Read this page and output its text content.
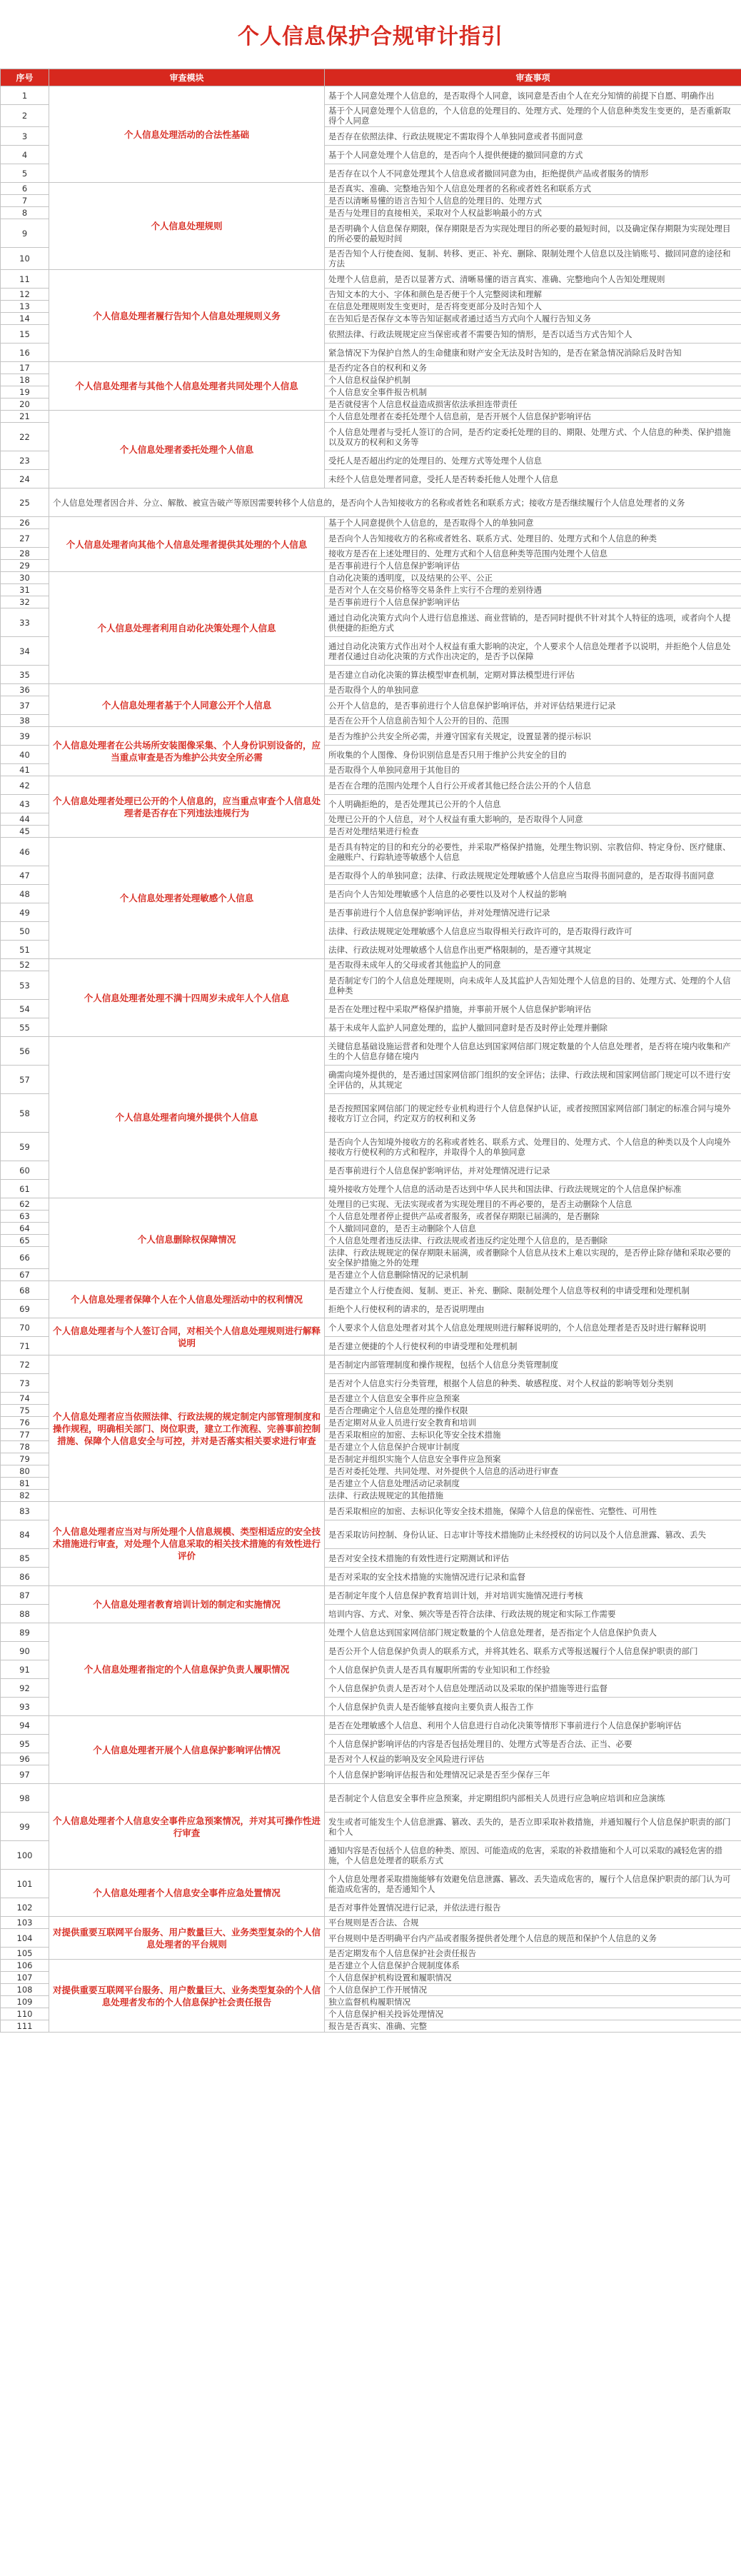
个人信息保护合规审计指引
序号	审查模块	审查事项
1	个人信息处理活动的合法性基础	基于个人同意处理个人信息的，是否取得个人同意，该同意是否由个人在充分知情的前提下自愿、明确作出
2		基于个人同意处理个人信息的，个人信息的处理目的、处理方式、处理的个人信息种类发生变更的，是否重新取得个人同意
3		是否存在依照法律、行政法规规定不需取得个人单独同意或者书面同意
4		基于个人同意处理个人信息的，是否向个人提供便捷的撤回同意的方式
5		是否存在以个人不同意处理其个人信息或者撤回同意为由，拒绝提供产品或者服务的情形
6	个人信息处理规则	是否真实、准确、完整地告知个人信息处理者的名称或者姓名和联系方式
7		是否以清晰易懂的语言告知个人信息的处理目的、处理方式
8		是否与处理目的直接相关，采取对个人权益影响最小的方式
9		是否明确个人信息保存期限，保存期限是否为实现处理目的所必要的最短时间，以及确定保存期限为实现处理目的所必要的最短时间
10		是否告知个人行使查阅、复制、转移、更正、补充、删除、限制处理个人信息以及注销账号、撤回同意的途径和方法
11	个人信息处理者履行告知个人信息处理规则义务	处理个人信息前，是否以显著方式、清晰易懂的语言真实、准确、完整地向个人告知处理规则
12		告知文本的大小、字体和颜色是否便于个人完整阅读和理解
13		在信息处理规则发生变更时，是否将变更部分及时告知个人
14		在告知后是否保存文本等告知证据或者通过适当方式向个人履行告知义务
15		依照法律、行政法规规定应当保密或者不需要告知的情形，是否以适当方式告知个人
16		紧急情况下为保护自然人的生命健康和财产安全无法及时告知的，是否在紧急情况消除后及时告知
17	个人信息处理者与其他个人信息处理者共同处理个人信息	是否约定各自的权利和义务
18		个人信息权益保护机制
19		个人信息安全事件报告机制
20		是否就侵害个人信息权益造成损害依法承担连带责任
21	个人信息处理者委托处理个人信息	个人信息处理者在委托处理个人信息前，是否开展个人信息保护影响评估
22		个人信息处理者与受托人签订的合同，是否约定委托处理的目的、期限、处理方式、个人信息的种类、保护措施以及双方的权利和义务等
23		受托人是否超出约定的处理目的、处理方式等处理个人信息
24		未经个人信息处理者同意，受托人是否转委托他人处理个人信息
25	个人信息处理者因合并、分立、解散、被宣告破产等原因需要转移个人信息的，是否向个人告知接收方的名称或者姓名和联系方式；接收方是否继续履行个人信息处理者的义务	
26	个人信息处理者向其他个人信息处理者提供其处理的个人信息	基于个人同意提供个人信息的，是否取得个人的单独同意
27		是否向个人告知接收方的名称或者姓名、联系方式、处理目的、处理方式和个人信息的种类
28		接收方是否在上述处理目的、处理方式和个人信息种类等范围内处理个人信息
29		是否事前进行个人信息保护影响评估
30	个人信息处理者利用自动化决策处理个人信息	自动化决策的透明度，以及结果的公平、公正
31		是否对个人在交易价格等交易条件上实行不合理的差别待遇
32		是否事前进行个人信息保护影响评估
33		通过自动化决策方式向个人进行信息推送、商业营销的，是否同时提供不针对其个人特征的选项，或者向个人提供便捷的拒绝方式
34		通过自动化决策方式作出对个人权益有重大影响的决定，个人要求个人信息处理者予以说明，并拒绝个人信息处理者仅通过自动化决策的方式作出决定的，是否予以保障
35		是否建立自动化决策的算法模型审查机制，定期对算法模型进行评估
36	个人信息处理者基于个人同意公开个人信息	是否取得个人的单独同意
37		公开个人信息的，是否事前进行个人信息保护影响评估，并对评估结果进行记录
38		是否在公开个人信息前告知个人公开的目的、范围
39	个人信息处理者在公共场所安装图像采集、个人身份识别设备的，应当重点审查是否为维护公共安全所必需	是否为维护公共安全所必需，并遵守国家有关规定，设置显著的提示标识
40		所收集的个人图像、身份识别信息是否只用于维护公共安全的目的
41		是否取得个人单独同意用于其他目的
42	个人信息处理者处理已公开的个人信息的，应当重点审查个人信息处理者是否存在下列违法违规行为	是否在合理的范围内处理个人自行公开或者其他已经合法公开的个人信息
43		个人明确拒绝的，是否处理其已公开的个人信息
44		处理已公开的个人信息，对个人权益有重大影响的，是否取得个人同意
45		是否对处理结果进行检查
46	个人信息处理者处理敏感个人信息	是否具有特定的目的和充分的必要性，并采取严格保护措施，处理生物识别、宗教信仰、特定身份、医疗健康、金融账户、行踪轨迹等敏感个人信息
47		是否取得个人的单独同意；法律、行政法规规定处理敏感个人信息应当取得书面同意的，是否取得书面同意
48		是否向个人告知处理敏感个人信息的必要性以及对个人权益的影响
49		是否事前进行个人信息保护影响评估，并对处理情况进行记录
50		法律、行政法规规定处理敏感个人信息应当取得相关行政许可的，是否取得行政许可
51		法律、行政法规对处理敏感个人信息作出更严格限制的，是否遵守其规定
52	个人信息处理者处理不满十四周岁未成年人个人信息	是否取得未成年人的父母或者其他监护人的同意
53		是否制定专门的个人信息处理规则，向未成年人及其监护人告知处理个人信息的目的、处理方式、处理的个人信息种类
54		是否在处理过程中采取严格保护措施，并事前开展个人信息保护影响评估
55		基于未成年人监护人同意处理的，监护人撤回同意时是否及时停止处理并删除
56	个人信息处理者向境外提供个人信息	关键信息基础设施运营者和处理个人信息达到国家网信部门规定数量的个人信息处理者，是否将在境内收集和产生的个人信息存储在境内
57		确需向境外提供的，是否通过国家网信部门组织的安全评估；法律、行政法规和国家网信部门规定可以不进行安全评估的，从其规定
58		是否按照国家网信部门的规定经专业机构进行个人信息保护认证，或者按照国家网信部门制定的标准合同与境外接收方订立合同，约定双方的权利和义务
59		是否向个人告知境外接收方的名称或者姓名、联系方式、处理目的、处理方式、个人信息的种类以及个人向境外接收方行使权利的方式和程序，并取得个人的单独同意
60		是否事前进行个人信息保护影响评估，并对处理情况进行记录
61		境外接收方处理个人信息的活动是否达到中华人民共和国法律、行政法规规定的个人信息保护标准
62	个人信息删除权保障情况	处理目的已实现、无法实现或者为实现处理目的不再必要的，是否主动删除个人信息
63		个人信息处理者停止提供产品或者服务，或者保存期限已届满的，是否删除
64		个人撤回同意的，是否主动删除个人信息
65		个人信息处理者违反法律、行政法规或者违反约定处理个人信息的，是否删除
66		法律、行政法规规定的保存期限未届满，或者删除个人信息从技术上难以实现的，是否停止除存储和采取必要的安全保护措施之外的处理
67		是否建立个人信息删除情况的记录机制
68	个人信息处理者保障个人在个人信息处理活动中的权利情况	是否建立个人行使查阅、复制、更正、补充、删除、限制处理个人信息等权利的申请受理和处理机制
69		拒绝个人行使权利的请求的，是否说明理由
70	个人信息处理者与个人签订合同，对相关个人信息处理规则进行解释说明	个人要求个人信息处理者对其个人信息处理规则进行解释说明的，个人信息处理者是否及时进行解释说明
71		是否建立便捷的个人行使权利的申请受理和处理机制
72	个人信息处理者应当依照法律、行政法规的规定制定内部管理制度和操作规程，明确相关部门、岗位职责，建立工作流程、完善事前控制措施、保障个人信息安全与可控，并对是否落实相关要求进行审查	是否制定内部管理制度和操作规程，包括个人信息分类管理制度
73		是否对个人信息实行分类管理，根据个人信息的种类、敏感程度、对个人权益的影响等划分类别
74		是否建立个人信息安全事件应急预案
75		是否合理确定个人信息处理的操作权限
76		是否定期对从业人员进行安全教育和培训
77		是否采取相应的加密、去标识化等安全技术措施
78		是否建立个人信息保护合规审计制度
79		是否制定并组织实施个人信息安全事件应急预案
80		是否对委托处理、共同处理、对外提供个人信息的活动进行审查
81		是否建立个人信息处理活动记录制度
82		法律、行政法规规定的其他措施
83	个人信息处理者应当对与所处理个人信息规模、类型相适应的安全技术措施进行审查，对处理个人信息采取的相关技术措施的有效性进行评价	是否采取相应的加密、去标识化等安全技术措施，保障个人信息的保密性、完整性、可用性
84		是否采取访问控制、身份认证、日志审计等技术措施防止未经授权的访问以及个人信息泄露、篡改、丢失
85		是否对安全技术措施的有效性进行定期测试和评估
86		是否对采取的安全技术措施的实施情况进行记录和监督
87	个人信息处理者教育培训计划的制定和实施情况	是否制定年度个人信息保护教育培训计划，并对培训实施情况进行考核
88		培训内容、方式、对象、频次等是否符合法律、行政法规的规定和实际工作需要
89	个人信息处理者指定的个人信息保护负责人履职情况	处理个人信息达到国家网信部门规定数量的个人信息处理者，是否指定个人信息保护负责人
90		是否公开个人信息保护负责人的联系方式，并将其姓名、联系方式等报送履行个人信息保护职责的部门
91		个人信息保护负责人是否具有履职所需的专业知识和工作经验
92		个人信息保护负责人是否对个人信息处理活动以及采取的保护措施等进行监督
93		个人信息保护负责人是否能够直接向主要负责人报告工作
94	个人信息处理者开展个人信息保护影响评估情况	是否在处理敏感个人信息、利用个人信息进行自动化决策等情形下事前进行个人信息保护影响评估
95		个人信息保护影响评估的内容是否包括处理目的、处理方式等是否合法、正当、必要
96		是否对个人权益的影响及安全风险进行评估
97		个人信息保护影响评估报告和处理情况记录是否至少保存三年
98	个人信息处理者个人信息安全事件应急预案情况，并对其可操作性进行审查	是否制定个人信息安全事件应急预案，并定期组织内部相关人员进行应急响应培训和应急演练
99		发生或者可能发生个人信息泄露、篡改、丢失的，是否立即采取补救措施，并通知履行个人信息保护职责的部门和个人
100		通知内容是否包括个人信息的种类、原因、可能造成的危害，采取的补救措施和个人可以采取的减轻危害的措施，个人信息处理者的联系方式
101	个人信息处理者个人信息安全事件应急处置情况	个人信息处理者采取措施能够有效避免信息泄露、篡改、丢失造成危害的，履行个人信息保护职责的部门认为可能造成危害的，是否通知个人
102		是否对事件处置情况进行记录，并依法进行报告
103	对提供重要互联网平台服务、用户数量巨大、业务类型复杂的个人信息处理者的平台规则	平台规则是否合法、合规
104		平台规则中是否明确平台内产品或者服务提供者处理个人信息的规范和保护个人信息的义务
105		是否定期发布个人信息保护社会责任报告
106	对提供重要互联网平台服务、用户数量巨大、业务类型复杂的个人信息处理者发布的个人信息保护社会责任报告	是否建立个人信息保护合规制度体系
107		个人信息保护机构设置和履职情况
108		个人信息保护工作开展情况
109		独立监督机构履职情况
110		个人信息保护相关投诉处理情况
111		报告是否真实、准确、完整
